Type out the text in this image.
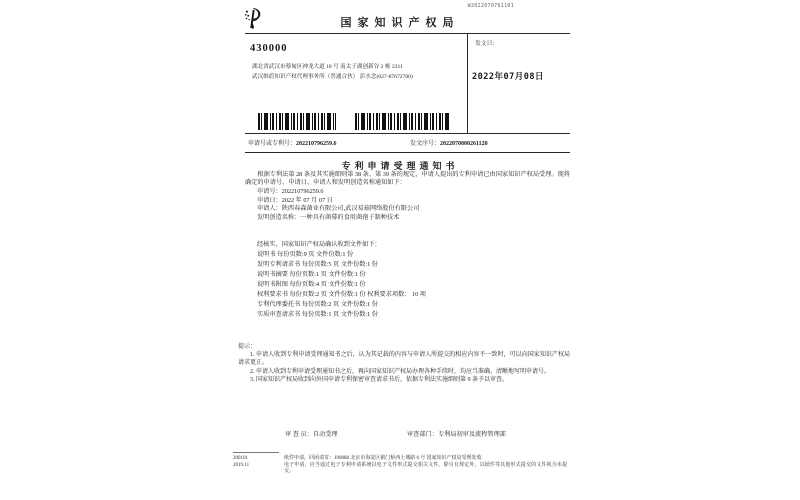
国家知识产权局
W2022070761101
430000
湖北省武汉市蔡甸区神龙大道 18 号 南太子湖创新谷 2 栋 2311
武汉维盾知识产权代理事务所（普通合伙） 彭水念(027-87672700)
发文日：
2022年07月08日
申请号或专利号：202210796259.6	发文序号：2022070800261120
专利申请受理通知书
根据专利法第 28 条及其实施细则第 38 条、第 39 条的规定，申请人提出的专利申请已由国家知识产权局受理。现将确定的申请号、申请日、申请人和发明创造名称通知如下：
申请号：202210796259.6
申请日：2022 年 07 月 07 日
申请人：陕西春森菌业有限公司,武汉易菇网络股份有限公司
发明创造名称：一种具有菌幕的食用菌孢子制种技术
经核实，国家知识产权局确认收到文件如下：
说明书 每份页数:9 页 文件份数:1 份
发明专利请求书 每份页数:5 页 文件份数:1 份
说明书摘要 每份页数:1 页 文件份数:1 份
说明书附图 每份页数:4 页 文件份数:1 份
权利要求书 每份页数:2 页 文件份数:1 份 权利要求项数： 10 项
专利代理委托书 每份页数:2 页 文件份数:1 份
实质审查请求书 每份页数:1 页 文件份数:1 份

提示：

1. 申请人收到专利申请受理通知书之后，认为其记载的内容与申请人所提交的相应内容不一致时，可以向国家知识产权局请求更正。

2. 申请人收到专利申请受理通知书之后，再向国家知识产权局办理各种手续时，均应当准确、清晰地写明申请号。

3. 国家知识产权局收到向外国申请专利保密审查请求书后，依据专利法实施细则第 9 条予以审查。

审 查 员：自动受理	审查部门：专利局初审及流程管理部
200101	纸件申请，回函请寄：100088 北京市海淀区蓟门桥西土城路 6 号 国家知识产权局受理处收
2019.11	电子申请，应当通过电子专利申请系统以电子文件形式提交相关文件。除另有规定外，以纸件等其他形式提交的文件视为未提交。
